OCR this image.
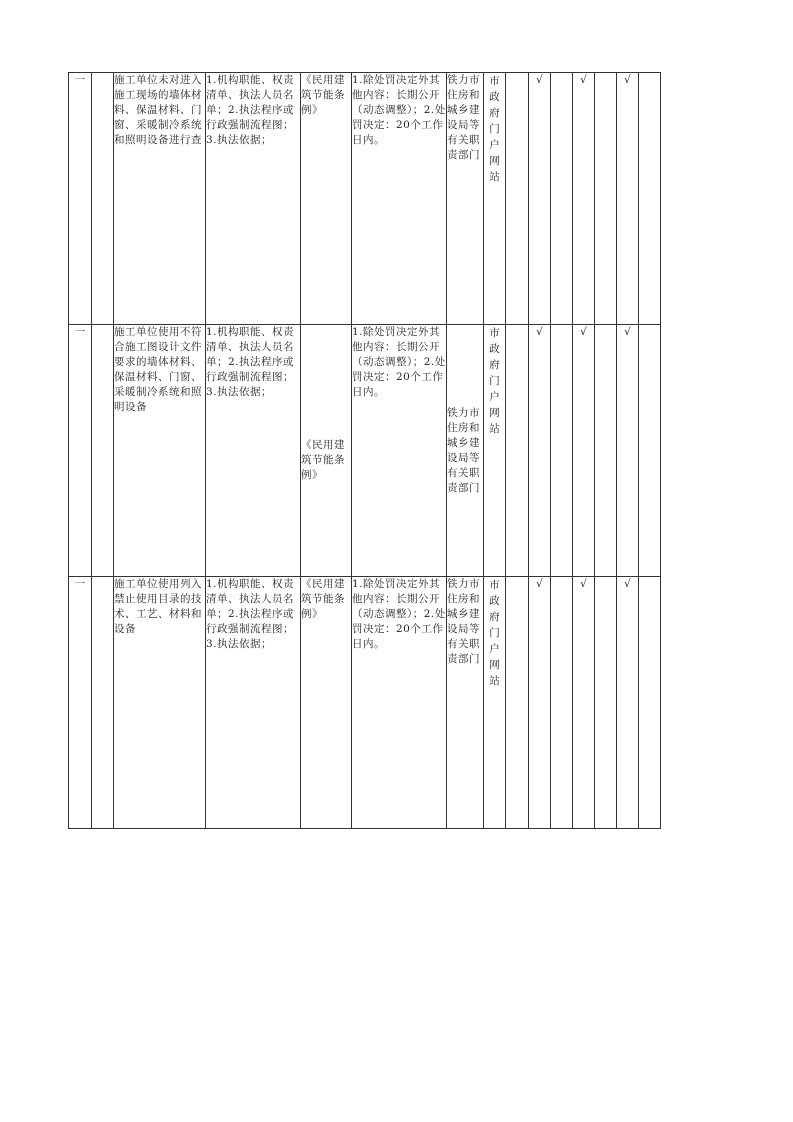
一		施工单位未对进入施工现场的墙体材料、保温材料、门窗、采暖制冷系统和照明设备进行查	1.机构职能、权责清单、执法人员名单；2.执法程序或行政强制流程图；3.执法依据；	《民用建筑节能条例》	1.除处罚决定外其他内容：长期公开（动态调整）；2.处罚决定：20个工作日内。	铁力市住房和城乡建设局等有关职责部门	市政府门户网站		√		√		√	
一		施工单位使用不符合施工图设计文件要求的墙体材料、保温材料、门窗、采暖制冷系统和照明设备	1.机构职能、权责清单、执法人员名单；2.执法程序或行政强制流程图；3.执法依据；	《民用建筑节能条例》	1.除处罚决定外其他内容：长期公开（动态调整）；2.处罚决定：20个工作日内。	铁力市住房和城乡建设局等有关职责部门	市政府门户网站		√		√		√	
一		施工单位使用列入禁止使用目录的技术、工艺、材料和设备	1.机构职能、权责清单、执法人员名单；2.执法程序或行政强制流程图；3.执法依据；	《民用建筑节能条例》	1.除处罚决定外其他内容：长期公开（动态调整）；2.处罚决定：20个工作日内。	铁力市住房和城乡建设局等有关职责部门	市政府门户网站		√		√		√	
